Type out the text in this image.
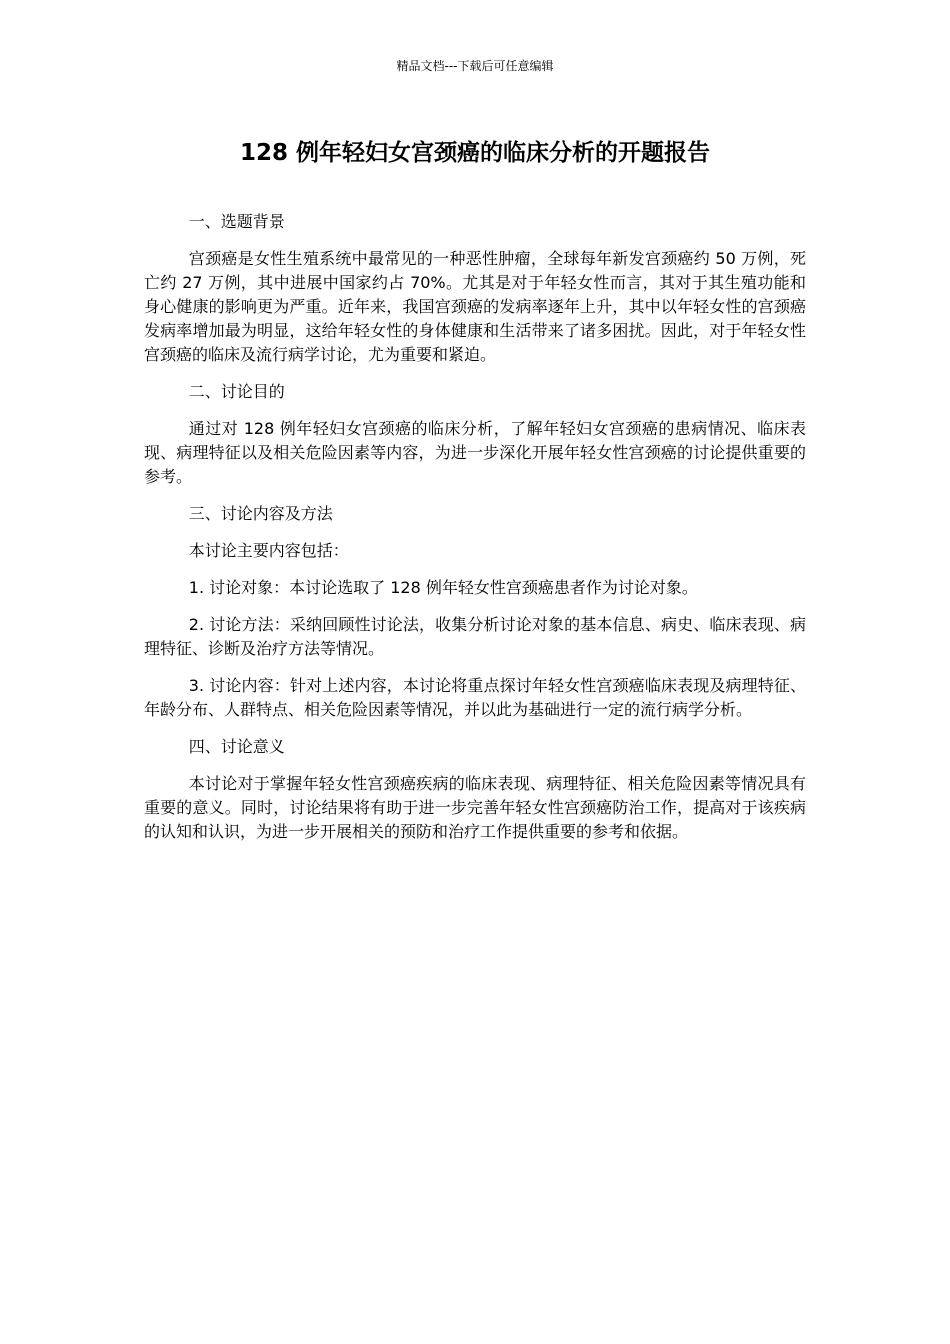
精品文档---下载后可任意编辑
128 例年轻妇女宫颈癌的临床分析的开题报告

一、选题背景

宫颈癌是女性生殖系统中最常见的一种恶性肿瘤，全球每年新发宫颈癌约 50 万例，死亡约 27 万例，其中进展中国家约占 70%。尤其是对于年轻女性而言，其对于其生殖功能和身心健康的影响更为严重。近年来，我国宫颈癌的发病率逐年上升，其中以年轻女性的宫颈癌发病率增加最为明显，这给年轻女性的身体健康和生活带来了诸多困扰。因此，对于年轻女性宫颈癌的临床及流行病学讨论，尤为重要和紧迫。

二、讨论目的

通过对 128 例年轻妇女宫颈癌的临床分析，了解年轻妇女宫颈癌的患病情况、临床表现、病理特征以及相关危险因素等内容，为进一步深化开展年轻女性宫颈癌的讨论提供重要的参考。

三、讨论内容及方法

本讨论主要内容包括：

1. 讨论对象：本讨论选取了 128 例年轻女性宫颈癌患者作为讨论对象。

2. 讨论方法：采纳回顾性讨论法，收集分析讨论对象的基本信息、病史、临床表现、病理特征、诊断及治疗方法等情况。

3. 讨论内容：针对上述内容，本讨论将重点探讨年轻女性宫颈癌临床表现及病理特征、年龄分布、人群特点、相关危险因素等情况，并以此为基础进行一定的流行病学分析。

四、讨论意义

本讨论对于掌握年轻女性宫颈癌疾病的临床表现、病理特征、相关危险因素等情况具有重要的意义。同时，讨论结果将有助于进一步完善年轻女性宫颈癌防治工作，提高对于该疾病的认知和认识，为进一步开展相关的预防和治疗工作提供重要的参考和依据。
